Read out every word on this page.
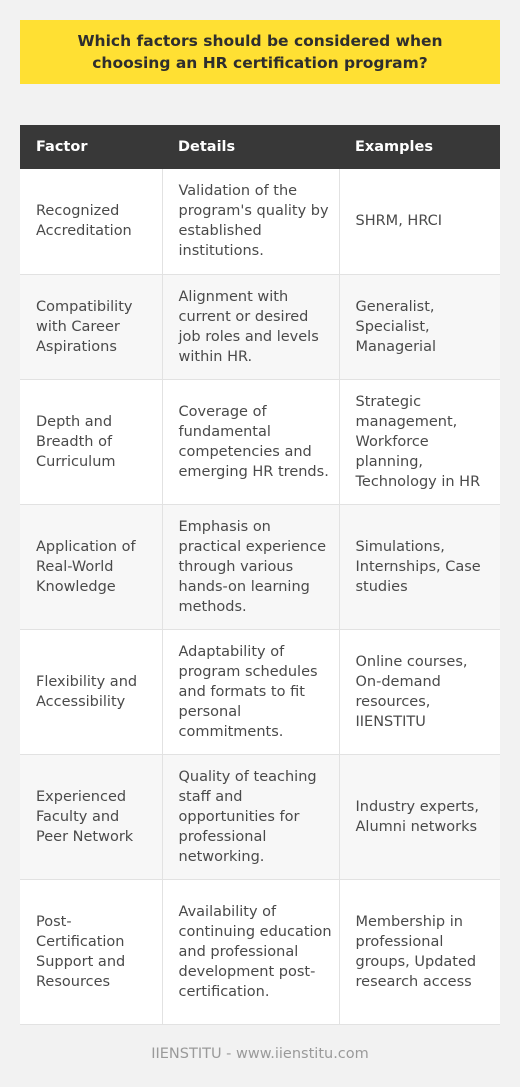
Which factors should be considered when choosing an HR certification program?
Factor	Details	Examples
Recognized Accreditation	Validation of the program's quality by established institutions.	SHRM, HRCI
Compatibility with Career Aspirations	Alignment with current or desired job roles and levels within HR.	Generalist, Specialist, Managerial
Depth and Breadth of Curriculum	Coverage of fundamental competencies and emerging HR trends.	Strategic management, Workforce planning, Technology in HR
Application of Real-World Knowledge	Emphasis on practical experience through various hands-on learning methods.	Simulations, Internships, Case studies
Flexibility and Accessibility	Adaptability of program schedules and formats to fit personal commitments.	Online courses, On-demand resources, IIENSTITU
Experienced Faculty and Peer Network	Quality of teaching staff and opportunities for professional networking.	Industry experts, Alumni networks
Post-Certification Support and Resources	Availability of continuing education and professional development post-certification.	Membership in professional groups, Updated research access
IIENSTITU - www.iienstitu.com
